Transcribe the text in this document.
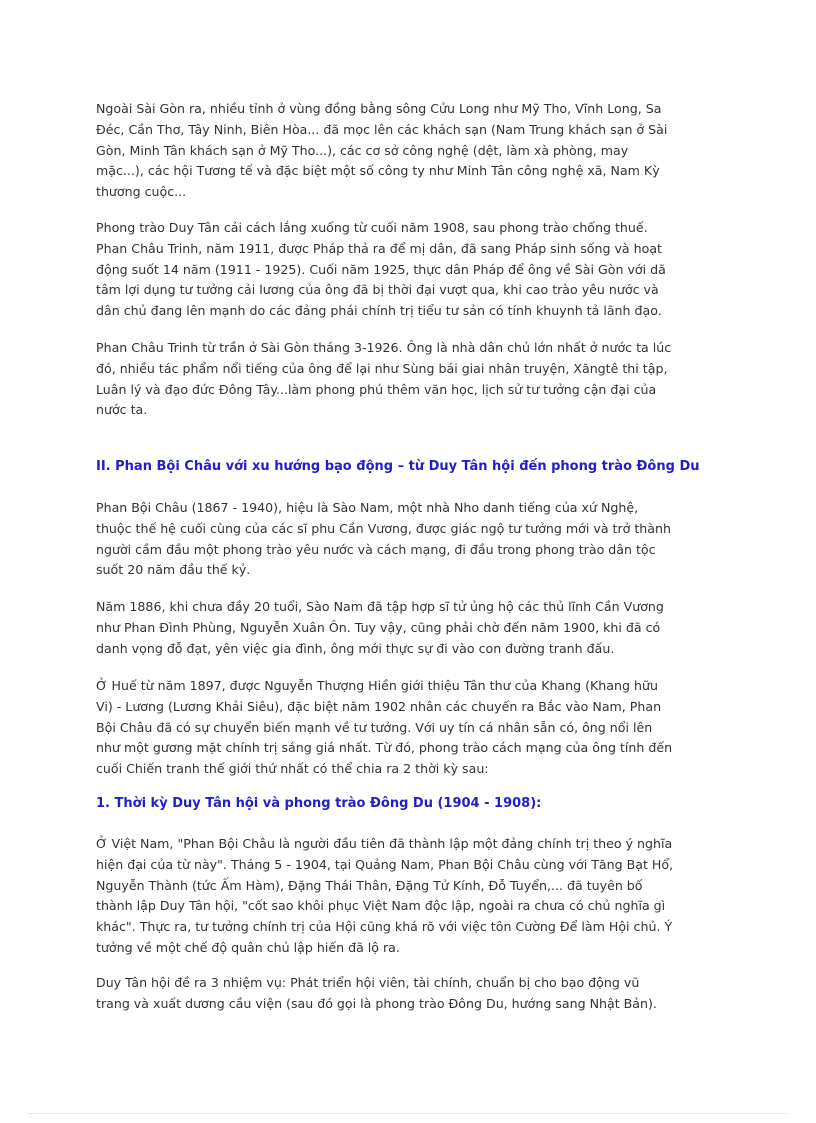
Ngoài Sài Gòn ra, nhiều tỉnh ở vùng đồng bằng sông Cửu Long như Mỹ Tho, Vĩnh Long, Sa
Đéc, Cần Thơ, Tây Ninh, Biên Hòa... đã mọc lên các khách sạn (Nam Trung khách sạn ở Sài
Gòn, Minh Tân khách sạn ở Mỹ Tho...), các cơ sở công nghệ (dệt, làm xà phòng, may
mặc...), các hội Tương tế và đặc biệt một số công ty như Minh Tân công nghệ xã, Nam Kỳ
thương cuộc...

Phong trào Duy Tân cải cách lắng xuống từ cuối năm 1908, sau phong trào chống thuế.
Phan Châu Trinh, năm 1911, được Pháp thả ra để mị dân, đã sang Pháp sinh sống và hoạt
động suốt 14 năm (1911 - 1925). Cuối năm 1925, thực dân Pháp để ông về Sài Gòn với dã
tâm lợi dụng tư tưởng cải lương của ông đã bị thời đại vượt qua, khi cao trào yêu nước và
dân chủ đang lên mạnh do các đảng phái chính trị tiểu tư sản có tính khuynh tả lãnh đạo.

Phan Châu Trinh từ trần ở Sài Gòn tháng 3-1926. Ông là nhà dân chủ lớn nhất ở nước ta lúc
đó, nhiều tác phẩm nổi tiếng của ông để lại như Sùng bái giai nhân truyện, Xăngtê thi tập,
Luân lý và đạo đức Đông Tây...làm phong phú thêm văn học, lịch sử tư tưởng cận đại của
nước ta.

II. Phan Bội Châu với xu hướng bạo động – từ Duy Tân hội đến phong trào Đông Du

Phan Bội Châu (1867 - 1940), hiệu là Sào Nam, một nhà Nho danh tiếng của xứ Nghệ,
thuộc thế hệ cuối cùng của các sĩ phu Cần Vương, được giác ngộ tư tưởng mới và trở thành
người cầm đầu một phong trào yêu nước và cách mạng, đi đầu trong phong trào dân tộc
suốt 20 năm đầu thế kỷ.

Năm 1886, khi chưa đầy 20 tuổi, Sào Nam đã tập hợp sĩ tử ủng hộ các thủ lĩnh Cần Vương
như Phan Đình Phùng, Nguyễn Xuân Ôn. Tuy vậy, cũng phải chờ đến năm 1900, khi đã có
danh vọng đỗ đạt, yên việc gia đình, ông mới thực sự đi vào con đường tranh đấu.

Ở Huế từ năm 1897, được Nguyễn Thượng Hiền giới thiệu Tân thư của Khang (Khang hữu
Vi) - Lương (Lương Khải Siêu), đặc biệt năm 1902 nhân các chuyến ra Bắc vào Nam, Phan
Bội Châu đã có sự chuyển biến mạnh về tư tưởng. Với uy tín cá nhân sẵn có, ông nổi lên
như một gương mặt chính trị sáng giá nhất. Từ đó, phong trào cách mạng của ông tính đến
cuối Chiến tranh thế giới thứ nhất có thể chia ra 2 thời kỳ sau:

1. Thời kỳ Duy Tân hội và phong trào Đông Du (1904 - 1908):

Ở Việt Nam, "Phan Bội Châu là người đầu tiên đã thành lập một đảng chính trị theo ý nghĩa
hiện đại của từ này". Tháng 5 - 1904, tại Quảng Nam, Phan Bội Châu cùng với Tăng Bạt Hổ,
Nguyễn Thành (tức Ấm Hàm), Đặng Thái Thân, Đặng Tử Kính, Đỗ Tuyển,... đã tuyên bố
thành lập Duy Tân hội, "cốt sao khôi phục Việt Nam độc lập, ngoài ra chưa có chủ nghĩa gì
khác". Thực ra, tư tưởng chính trị của Hội cũng khá rõ với việc tôn Cường Để làm Hội chủ. Ý
tưởng về một chế độ quân chủ lập hiến đã lộ ra.

Duy Tân hội đề ra 3 nhiệm vụ: Phát triển hội viên, tài chính, chuẩn bị cho bạo động vũ
trang và xuất dương cầu viện (sau đó gọi là phong trào Đông Du, hướng sang Nhật Bản).
